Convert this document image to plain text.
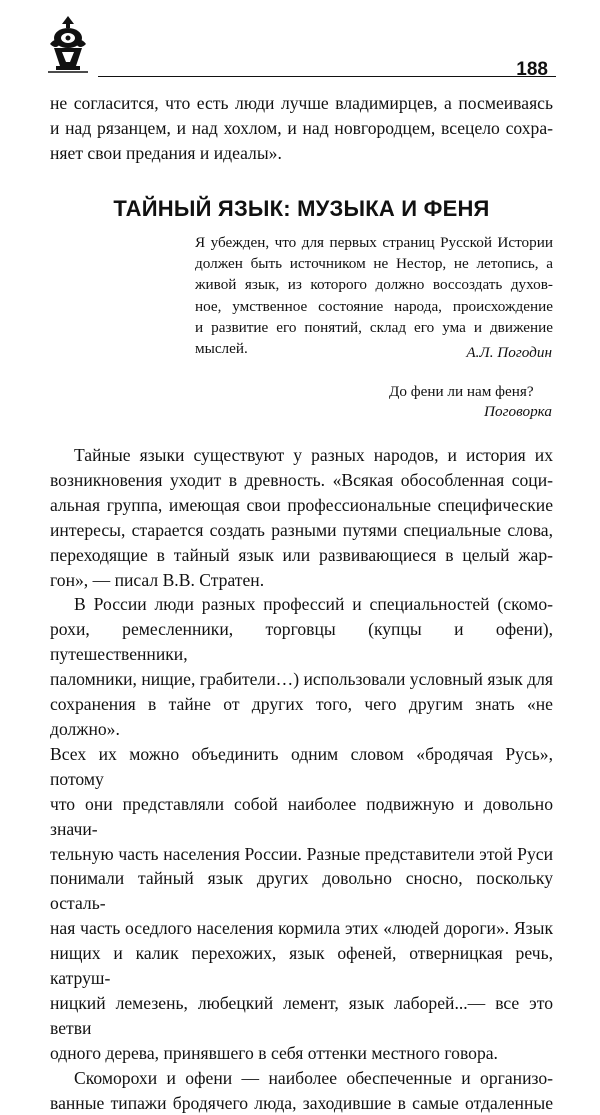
188

не согласится, что есть люди лучше владимирцев, а посмеиваясь

и над рязанцем, и над хохлом, и над новгородцем, всецело сохра-

няет свои предания и идеалы».

ТАЙНЫЙ ЯЗЫК: МУЗЫКА И ФЕНЯ

Я убежден, что для первых страниц Русской Истории

должен быть источником не Нестор, не летопись, а

живой язык, из которого должно воссоздать духов-

ное, умственное состояние народа, происхождение

и развитие его понятий, склад его ума и движение

мыслей.	А.Л. Погодин
До фени ли нам феня?
Поговорка

Тайные языки существуют у разных народов, и история их

возникновения уходит в древность. «Всякая обособленная соци-

альная группа, имеющая свои профессиональные специфические

интересы, старается создать разными путями специальные слова,

переходящие в тайный язык или развивающиеся в целый жар-

гон», — писал В.В. Стратен.

В России люди разных профессий и специальностей (скомо-

рохи, ремесленники, торговцы (купцы и офени), путешественники,

паломники, нищие, грабители…) использовали условный язык для

сохранения в тайне от других того, чего другим знать «не должно».

Всех их можно объединить одним словом «бродячая Русь», потому

что они представляли собой наиболее подвижную и довольно значи-

тельную часть населения России. Разные представители этой Руси

понимали тайный язык других довольно сносно, поскольку осталь-

ная часть оседлого населения кормила этих «людей дороги». Язык

нищих и калик перехожих, язык офеней, отверницкая речь, катруш-

ницкий лемезень, любецкий лемент, язык лаборей...— все это ветви

одного дерева, принявшего в себя оттенки местного говора.

Скоморохи и офени — наиболее обеспеченные и организо-

ванные типажи бродячего люда, заходившие в самые отдаленные
